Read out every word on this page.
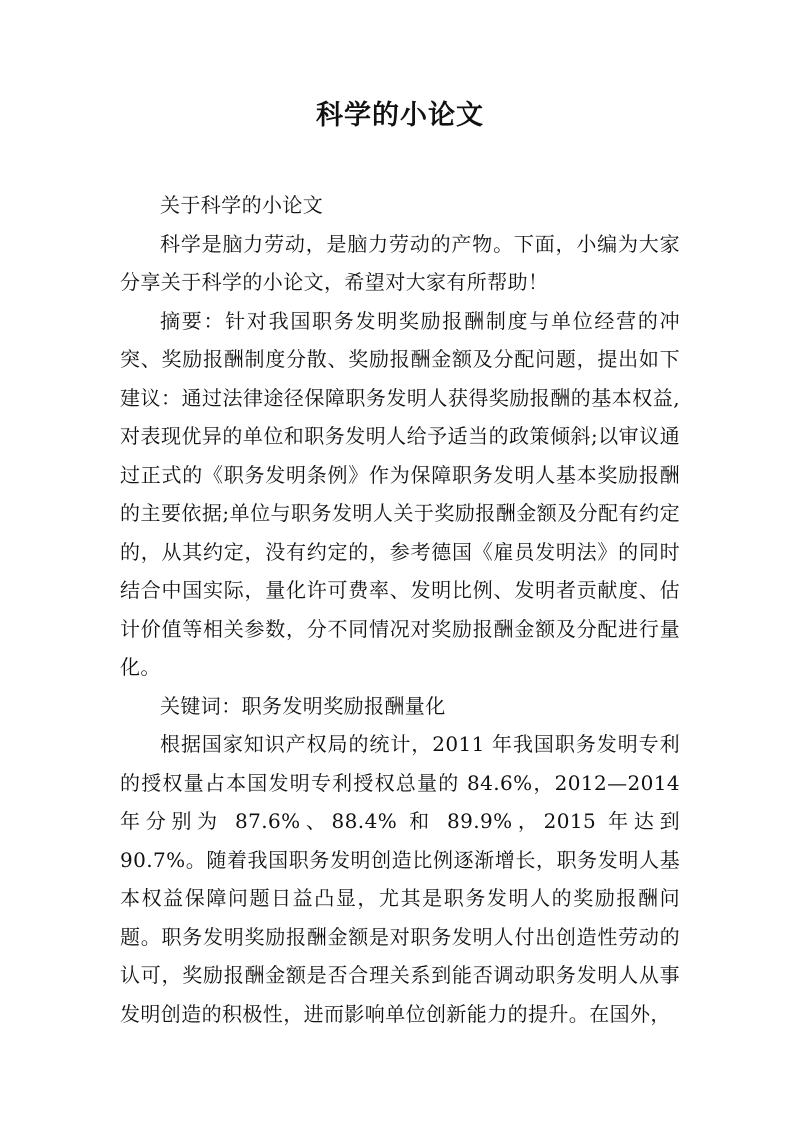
科学的小论文

关于科学的小论文

科学是脑力劳动，是脑力劳动的产物。下面，小编为大家分享关于科学的小论文，希望对大家有所帮助！

摘要：针对我国职务发明奖励报酬制度与单位经营的冲突、奖励报酬制度分散、奖励报酬金额及分配问题，提出如下建议：通过法律途径保障职务发明人获得奖励报酬的基本权益,对表现优异的单位和职务发明人给予适当的政策倾斜;以审议通过正式的《职务发明条例》作为保障职务发明人基本奖励报酬的主要依据;单位与职务发明人关于奖励报酬金额及分配有约定的，从其约定，没有约定的，参考德国《雇员发明法》的同时结合中国实际，量化许可费率、发明比例、发明者贡献度、估计价值等相关参数，分不同情况对奖励报酬金额及分配进行量化。

关键词：职务发明奖励报酬量化

根据国家知识产权局的统计，2011 年我国职务发明专利的授权量占本国发明专利授权总量的 84.6%，2012—2014 年分别为 87.6%、88.4% 和 89.9%，2015 年达到 90.7%。随着我国职务发明创造比例逐渐增长，职务发明人基本权益保障问题日益凸显，尤其是职务发明人的奖励报酬问题。职务发明奖励报酬金额是对职务发明人付出创造性劳动的认可，奖励报酬金额是否合理关系到能否调动职务发明人从事发明创造的积极性，进而影响单位创新能力的提升。在国外，
